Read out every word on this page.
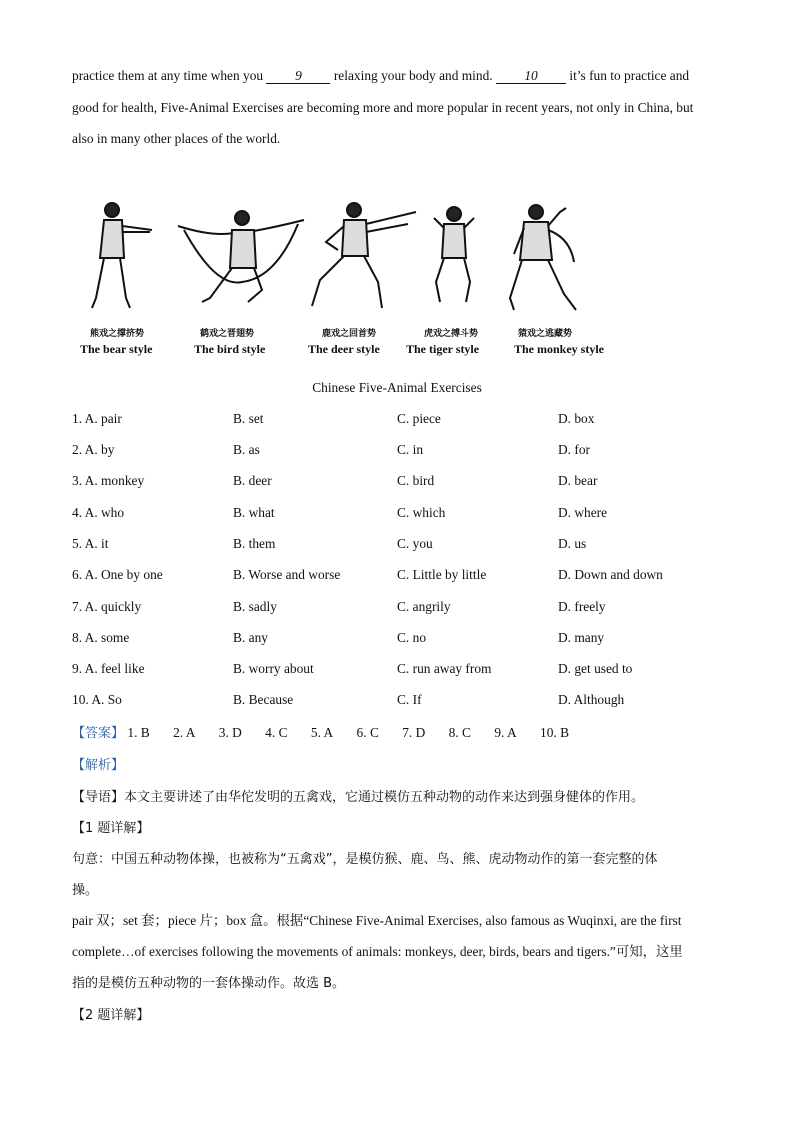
practice them at any time when you 9 relaxing your body and mind. 10 it’s fun to practice and
good for health, Five-Animal Exercises are becoming more and more popular in recent years, not only in China, but
also in many other places of the world.
熊戏之撑挤势
The bear style
鹤戏之晋翅势
The bird style
鹿戏之回首势
The deer style
虎戏之搏斗势
The tiger style
猿戏之逃藏势
The monkey style
Chinese Five-Animal Exercises
1. A. pair	B. set	C. piece	D. box
2. A. by	B. as	C. in	D. for
3. A. monkey	B. deer	C. bird	D. bear
4. A. who	B. what	C. which	D. where
5. A. it	B. them	C. you	D. us
6. A. One by one	B. Worse and worse	C. Little by little	D. Down and down
7. A. quickly	B. sadly	C. angrily	D. freely
8. A. some	B. any	C. no	D. many
9. A. feel like	B. worry about	C. run away from	D. get used to
10. A. So	B. Because	C. If	D. Although
【答案】 1. B 2. A 3. D 4. C 5. A 6. C 7. D 8. C 9. A 10. B
【解析】
【导语】本文主要讲述了由华佗发明的五禽戏，它通过模仿五种动物的动作来达到强身健体的作用。
【1 题详解】
句意：中国五种动物体操，也被称为“五禽戏”，是模仿猴、鹿、鸟、熊、虎动物动作的第一套完整的体
操。
pair 双；set 套；piece 片；box 盒。根据“Chinese Five-Animal Exercises, also famous as Wuqinxi, are the first
complete…of exercises following the movements of animals: monkeys, deer, birds, bears and tigers.”可知，这里
指的是模仿五种动物的一套体操动作。故选 B。
【2 题详解】
